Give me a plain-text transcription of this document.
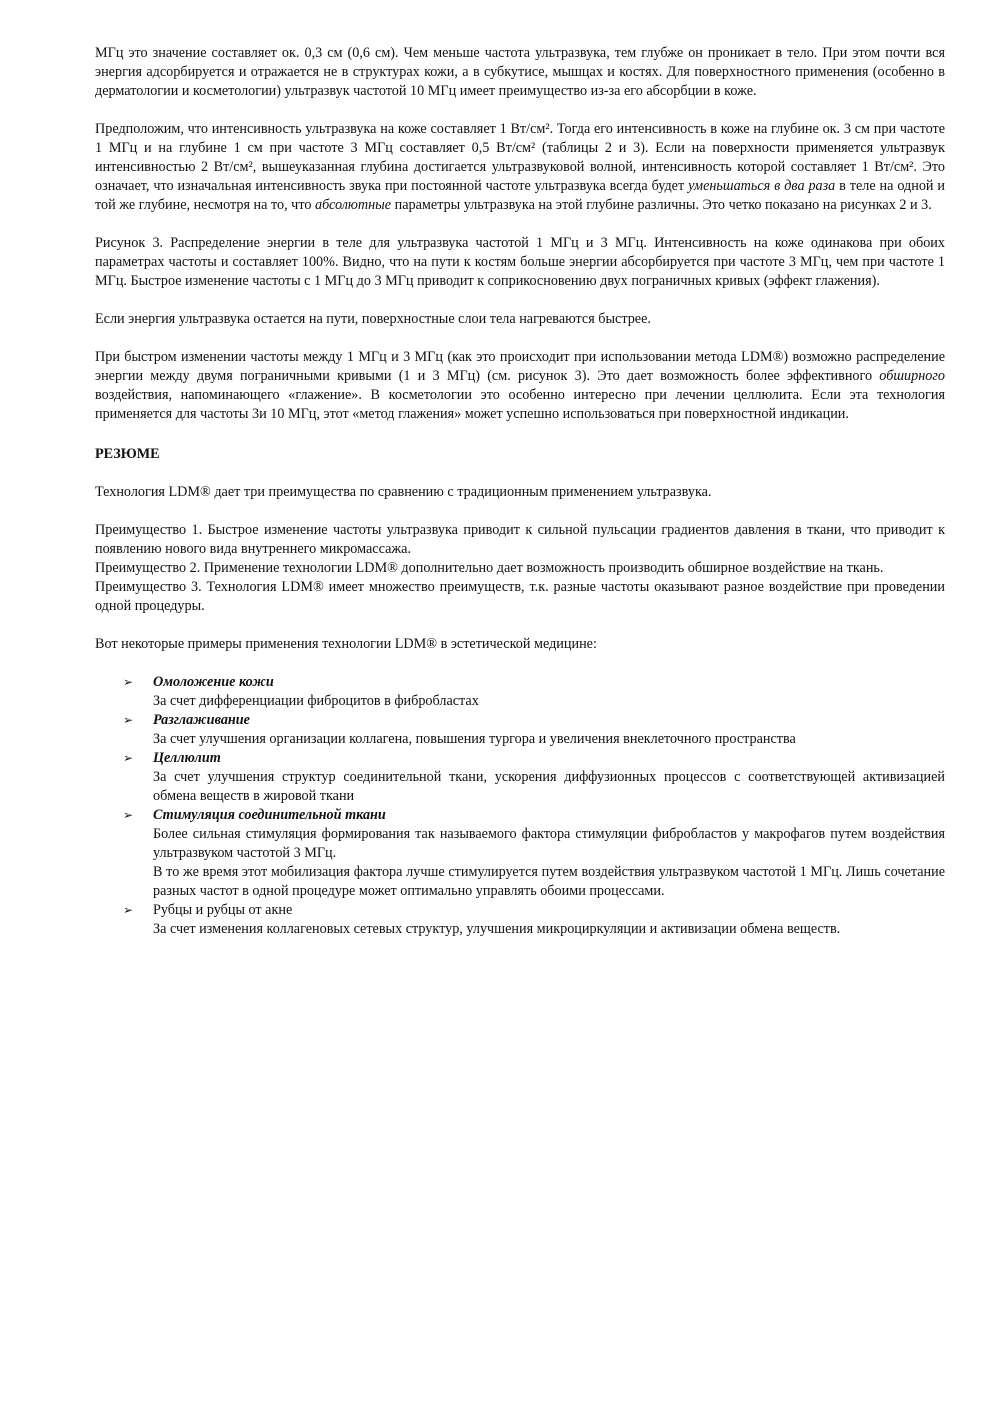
МГц это значение составляет ок. 0,3 см (0,6 см). Чем меньше частота ультразвука, тем глубже он проникает в тело. При этом почти вся энергия адсорбируется и отражается не в структурах кожи, а в субкутисе, мышцах и костях. Для поверхностного применения (особенно в дерматологии и косметологии) ультразвук частотой 10 МГц имеет преимущество из-за его абсорбции в коже.

Предположим, что интенсивность ультразвука на коже составляет 1 Вт/см². Тогда его интенсивность в коже на глубине ок. 3 см при частоте 1 МГц и на глубине 1 см при частоте 3 МГц составляет 0,5 Вт/см² (таблицы 2 и 3). Если на поверхности применяется ультразвук интенсивностью 2 Вт/см², вышеуказанная глубина достигается ультразвуковой волной, интенсивность которой составляет 1 Вт/см². Это означает, что изначальная интенсивность звука при постоянной частоте ультразвука всегда будет уменьшаться в два раза в теле на одной и той же глубине, несмотря на то, что абсолютные параметры ультразвука на этой глубине различны. Это четко показано на рисунках 2 и 3.

Рисунок 3. Распределение энергии в теле для ультразвука частотой 1 МГц и 3 МГц. Интенсивность на коже одинакова при обоих параметрах частоты и составляет 100%. Видно, что на пути к костям больше энергии абсорбируется при частоте 3 МГц, чем при частоте 1 МГц. Быстрое изменение частоты с 1 МГц до 3 МГц приводит к соприкосновению двух пограничных кривых (эффект глажения).

Если энергия ультразвука остается на пути, поверхностные слои тела нагреваются быстрее.

При быстром изменении частоты между 1 МГц и 3 МГц (как это происходит при использовании метода LDM®) возможно распределение энергии между двумя пограничными кривыми (1 и 3 МГц) (см. рисунок 3). Это дает возможность более эффективного обширного воздействия, напоминающего «глажение». В косметологии это особенно интересно при лечении целлюлита. Если эта технология применяется для частоты 3и 10 МГц, этот «метод глажения» может успешно использоваться при поверхностной индикации.

РЕЗЮМЕ

Технология LDM® дает три преимущества по сравнению с традиционным применением ультразвука.

Преимущество 1. Быстрое изменение частоты ультразвука приводит к сильной пульсации градиентов давления в ткани, что приводит к появлению нового вида внутреннего микромассажа.

Преимущество 2. Применение технологии LDM® дополнительно дает возможность производить обширное воздействие на ткань.

Преимущество 3. Технология LDM® имеет множество преимуществ, т.к. разные частоты оказывают разное воздействие при проведении одной процедуры.

Вот некоторые примеры применения технологии LDM® в эстетической медицине:

➢ Омоложение кожи

За счет дифференциации фиброцитов в фибробластах

➢ Разглаживание

За счет улучшения организации коллагена, повышения тургора и увеличения внеклеточного пространства

➢ Целлюлит

За счет улучшения структур соединительной ткани, ускорения диффузионных процессов с соответствующей активизацией обмена веществ в жировой ткани

➢ Стимуляция соединительной ткани

Более сильная стимуляция формирования так называемого фактора стимуляции фибробластов у макрофагов путем воздействия ультразвуком частотой 3 МГц.

В то же время этот мобилизация фактора лучше стимулируется путем воздействия ультразвуком частотой 1 МГц. Лишь сочетание разных частот в одной процедуре может оптимально управлять обоими процессами.

➢ Рубцы и рубцы от акне

За счет изменения коллагеновых сетевых структур, улучшения микроциркуляции и активизации обмена веществ.
